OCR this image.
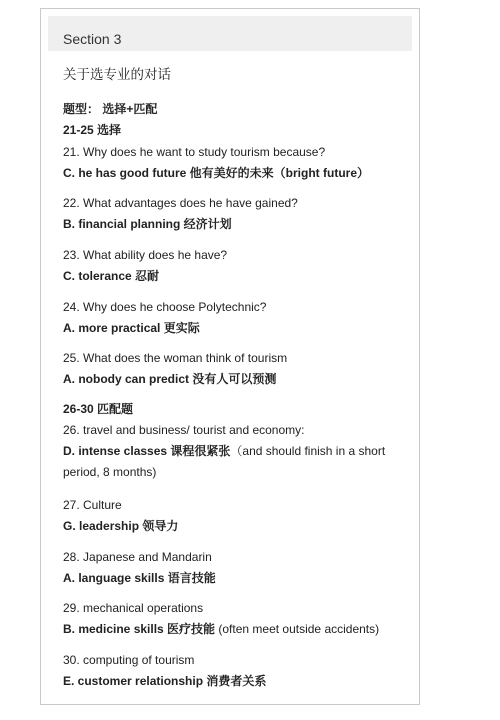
Section 3
关于选专业的对话
题型： 选择+匹配
21-25 选择
21. Why does he want to study tourism because?
C. he has good future 他有美好的未来（bright future）
22. What advantages does he have gained?
B. financial planning 经济计划
23. What ability does he have?
C. tolerance 忍耐
24. Why does he choose Polytechnic?
A. more practical 更实际
25. What does the woman think of tourism
A. nobody can predict 没有人可以预测
26-30 匹配题
26. travel and business/ tourist and economy:
D. intense classes 课程很紧张（and should finish in a short
period, 8 months)
27. Culture
G. leadership 领导力
28. Japanese and Mandarin
A. language skills 语言技能
29. mechanical operations
B. medicine skills 医疗技能 (often meet outside accidents)
30. computing of tourism
E. customer relationship 消费者关系
